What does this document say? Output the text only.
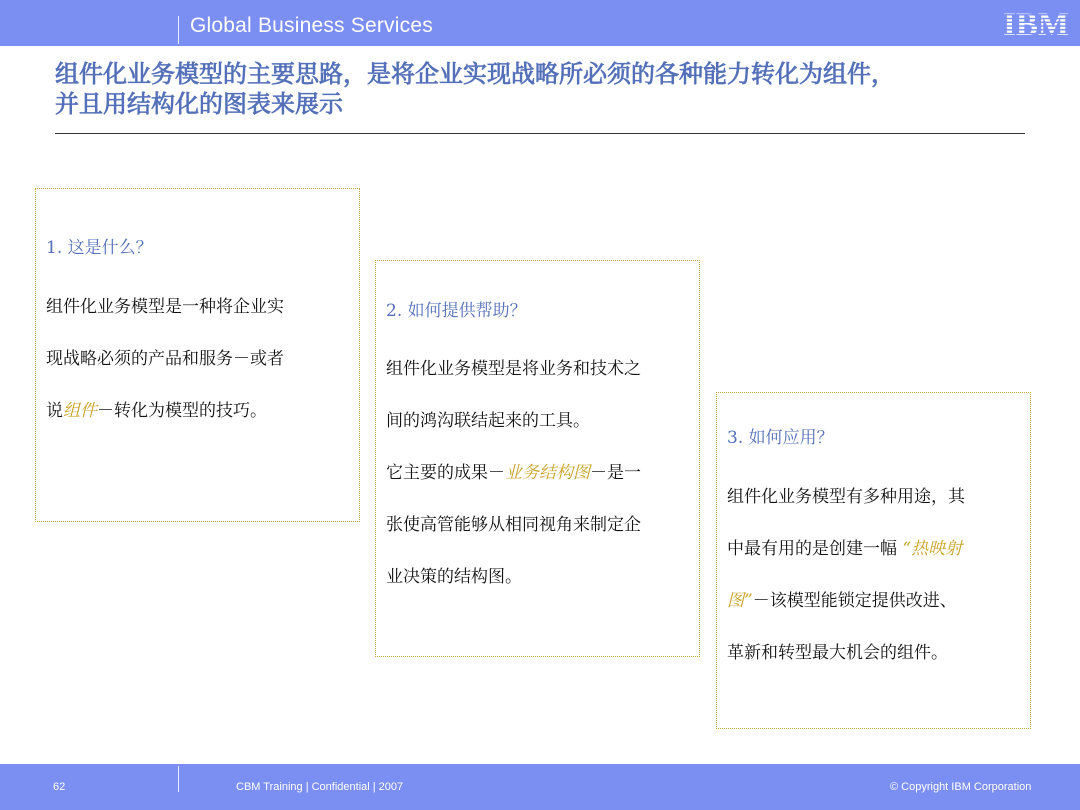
Global Business Services
组件化业务模型的主要思路，是将企业实现战略所必须的各种能力转化为组件，
并且用结构化的图表来展示
1. 这是什么？
组件化业务模型是一种将企业实
现战略必须的产品和服务－或者
说组件－转化为模型的技巧。
2. 如何提供帮助？
组件化业务模型是将业务和技术之
间的鸿沟联结起来的工具。
它主要的成果－业务结构图－是一
张使高管能够从相同视角来制定企
业决策的结构图。
3. 如何应用？
组件化业务模型有多种用途，其
中最有用的是创建一幅 “热映射
图”－该模型能锁定提供改进、
革新和转型最大机会的组件。
62	CBM Training | Confidential | 2007	© Copyright IBM Corporation
